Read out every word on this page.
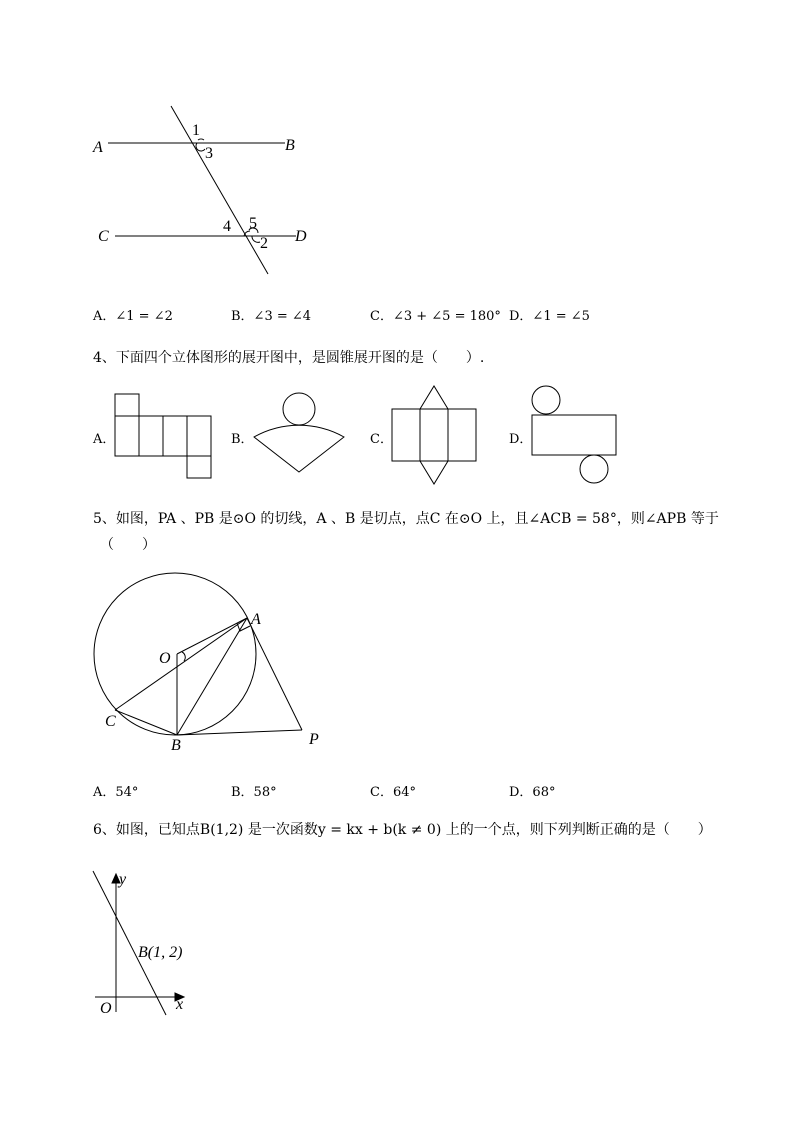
A	B
C	D
1
3
4 5
2
A．∠1 = ∠2	B．∠3 = ∠4	C．∠3 + ∠5 = 180° D．∠1 = ∠5
4、下面四个立体图形的展开图中，是圆锥展开图的是（　　）.
A．	B．	C．	D．
5、如图，PA 、PB 是⊙O 的切线，A 、B 是切点，点C 在⊙O 上，且∠ACB = 58°，则∠APB 等于
（　　）
A
O
C
B	P
A．54°	B．58°	C．64°	D．68°
6、如图，已知点B(1,2) 是一次函数y = kx + b(k ≠ 0) 上的一个点，则下列判断正确的是（　　）
y
x
O
B(1, 2)
